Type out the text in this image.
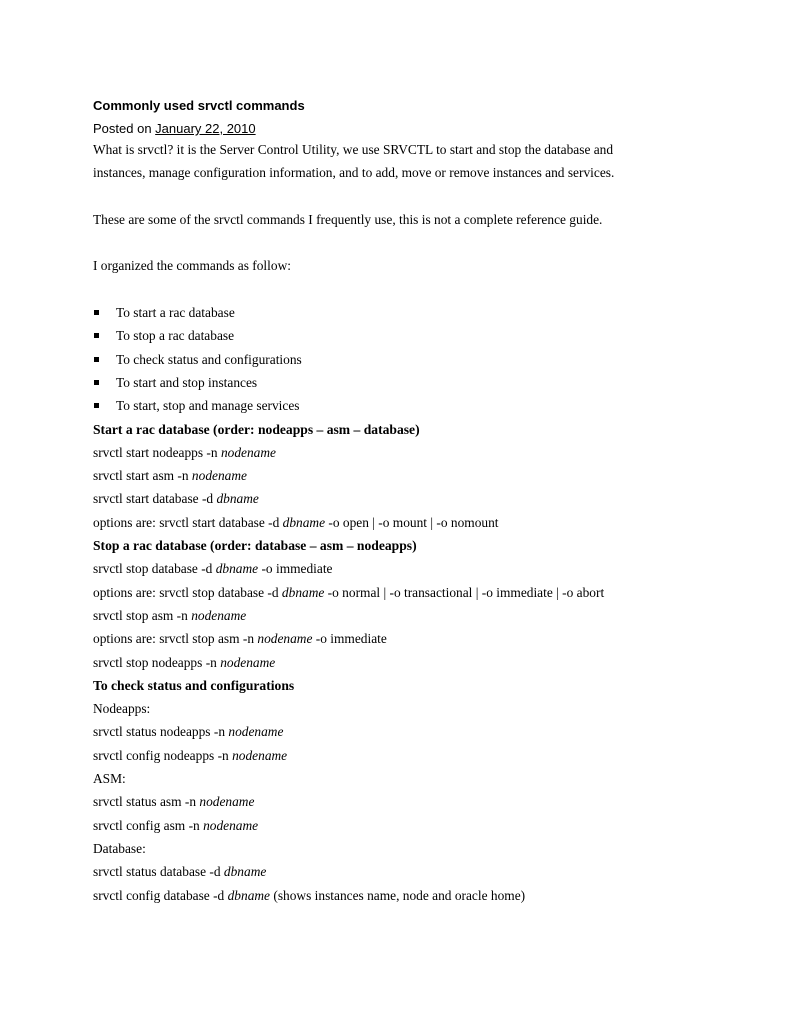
Commonly used srvctl commands

Posted on January 22, 2010

What is srvctl? it is the Server Control Utility, we use SRVCTL to start and stop the database and

instances, manage configuration information, and to add, move or remove instances and services.

These are some of the srvctl commands I frequently use, this is not a complete reference guide.

I organized the commands as follow:

To start a rac database
To stop a rac database
To check status and configurations
To start and stop instances
To start, stop and manage services

Start a rac database (order: nodeapps – asm – database)

srvctl start nodeapps -n nodename

srvctl start asm -n nodename

srvctl start database -d dbname

options are: srvctl start database -d dbname -o open | -o mount | -o nomount

Stop a rac database (order: database – asm – nodeapps)

srvctl stop database -d dbname -o immediate

options are: srvctl stop database -d dbname -o normal | -o transactional | -o immediate | -o abort

srvctl stop asm -n nodename

options are: srvctl stop asm -n nodename -o immediate

srvctl stop nodeapps -n nodename

To check status and configurations

Nodeapps:

srvctl status nodeapps -n nodename

srvctl config nodeapps -n nodename

ASM:

srvctl status asm -n nodename

srvctl config asm -n nodename

Database:

srvctl status database -d dbname

srvctl config database -d dbname (shows instances name, node and oracle home)
